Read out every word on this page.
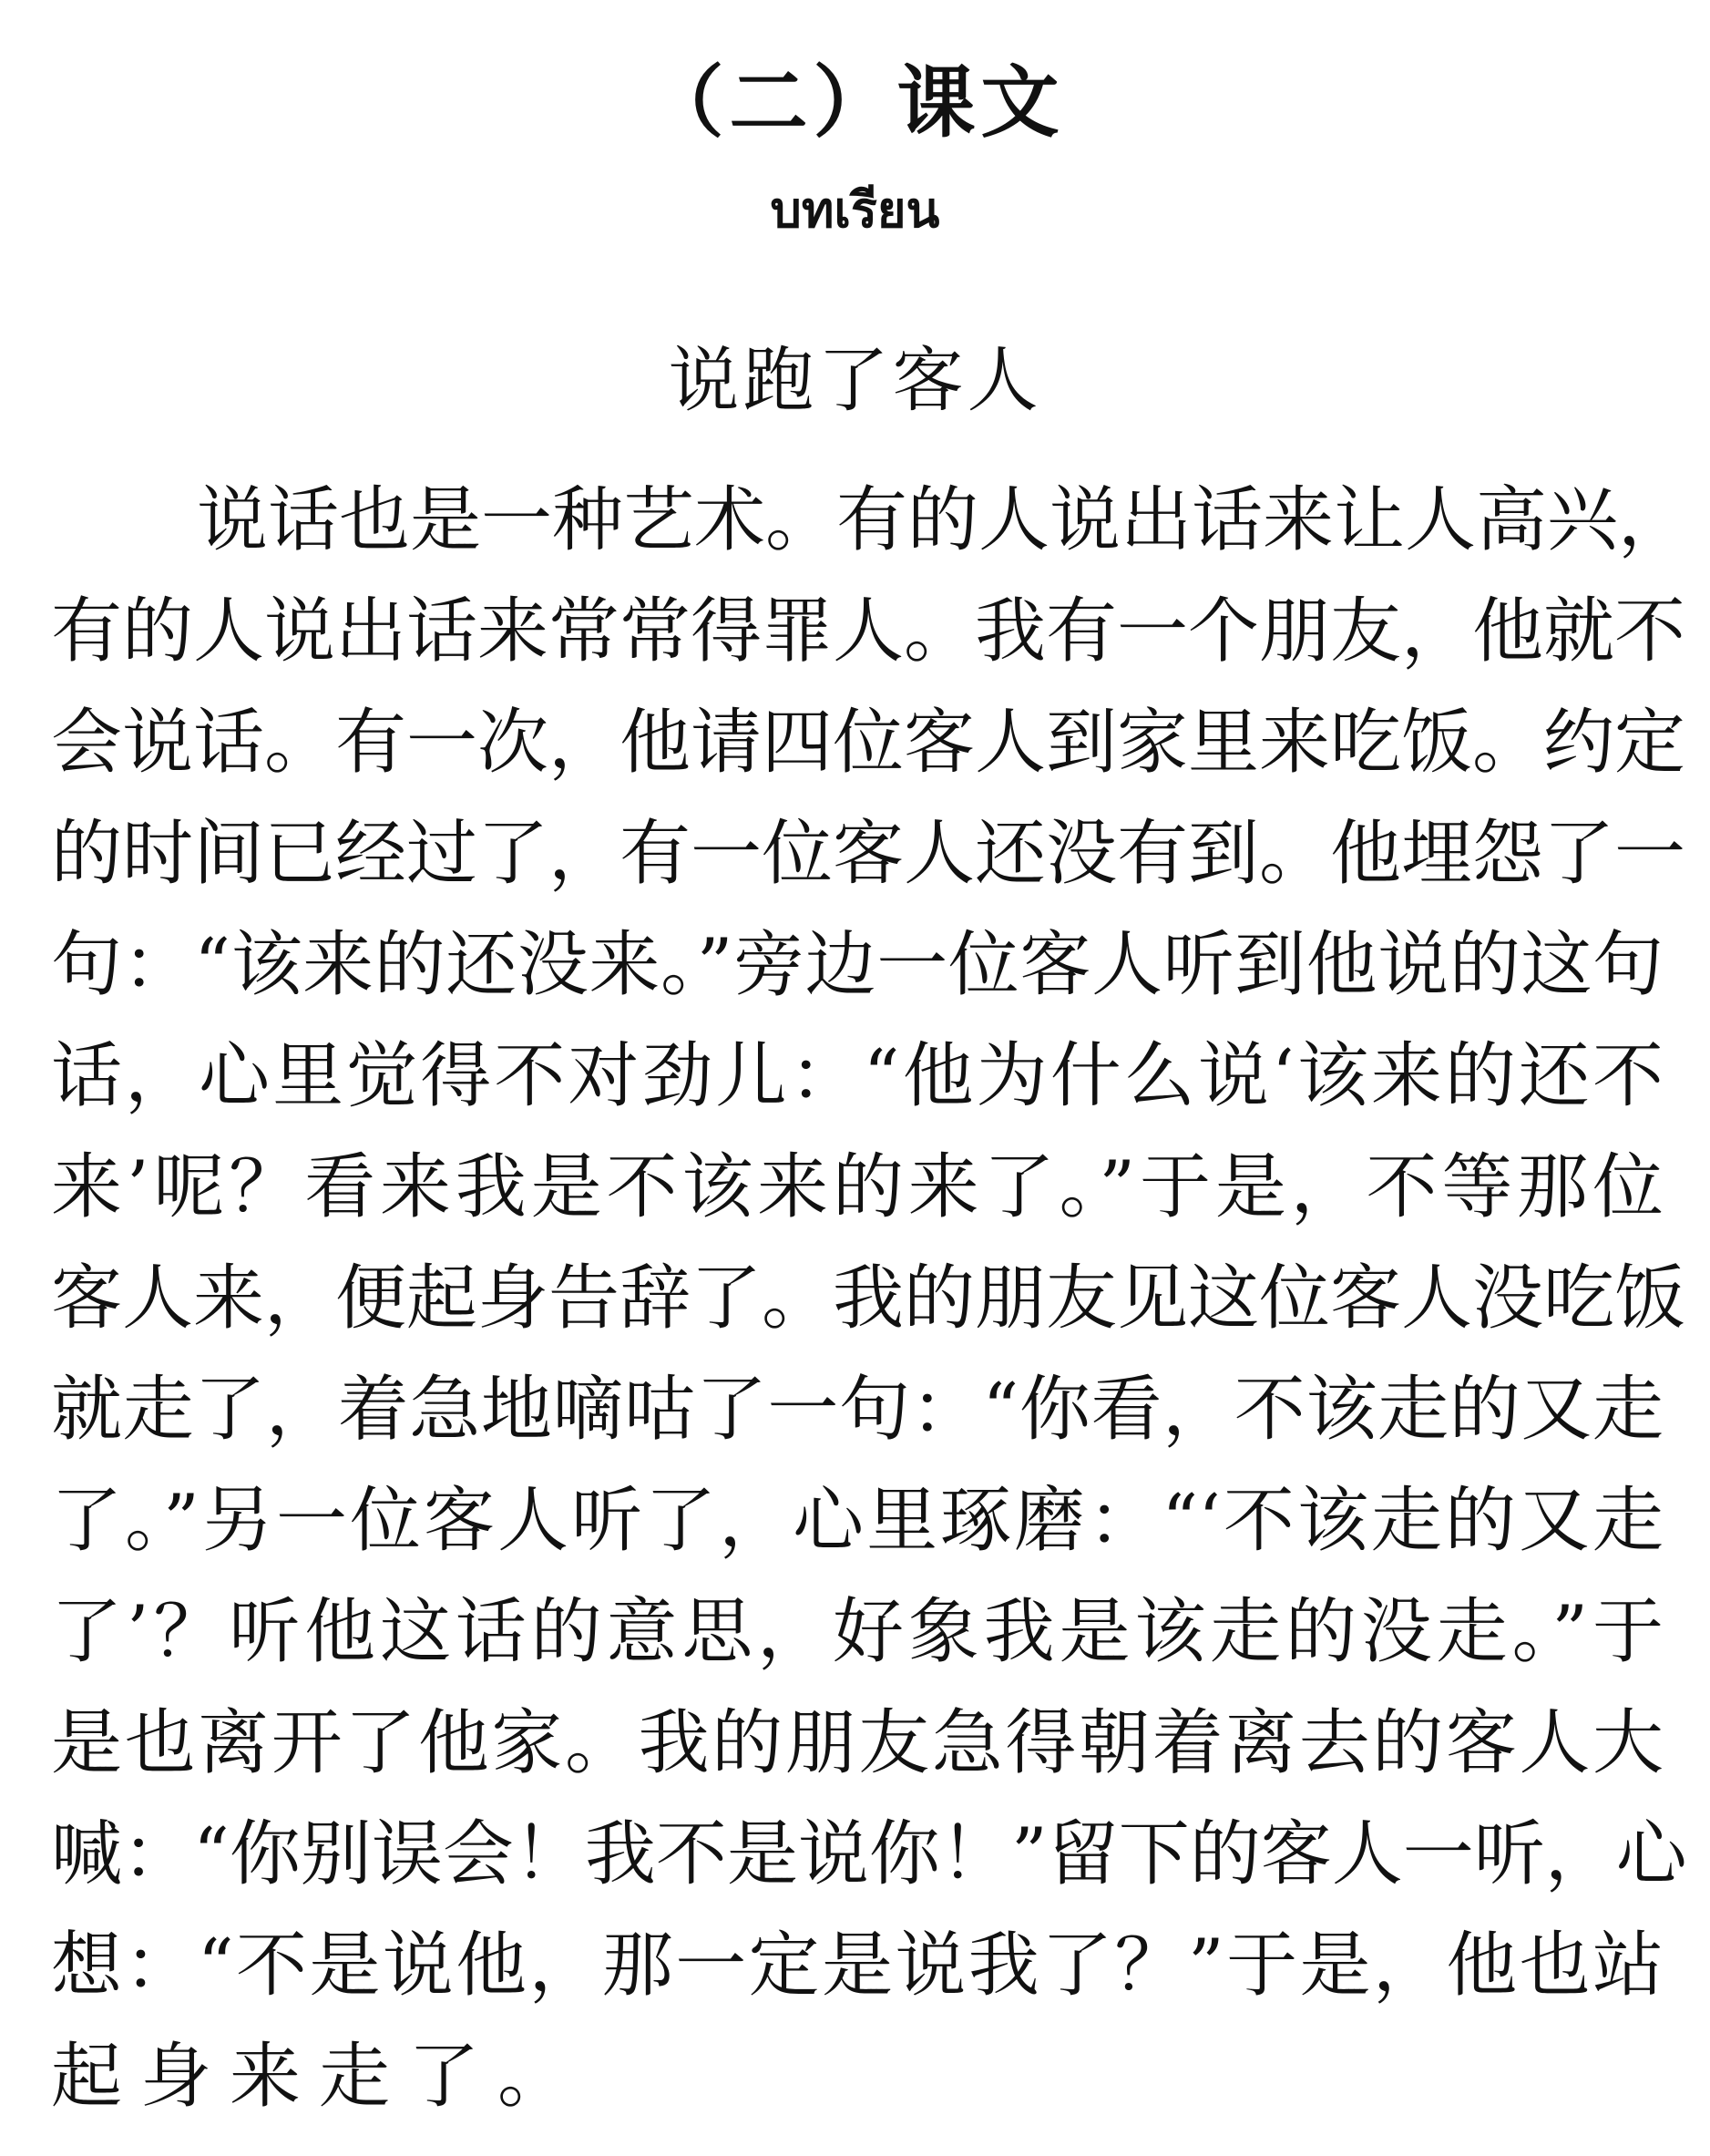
（二）课文
บทเรียน
说跑了客人
说话也是一种艺术。有的人说出话来让人高兴，
有的人说出话来常常得罪人。我有一个朋友，他就不
会说话。有一次，他请四位客人到家里来吃饭。约定
的时间已经过了，有一位客人还没有到。他埋怨了一
句：“该来的还没来。”旁边一位客人听到他说的这句
话，心里觉得不对劲儿：“他为什么说‘该来的还不
来’呢？看来我是不该来的来了。”于是，不等那位
客人来，便起身告辞了。我的朋友见这位客人没吃饭
就走了，着急地嘀咕了一句：“你看，不该走的又走
了。”另一位客人听了，心里琢磨：“‘不该走的又走
了’？听他这话的意思，好象我是该走的没走。”于
是也离开了他家。我的朋友急得朝着离去的客人大
喊：“你别误会！我不是说你！”留下的客人一听，心
想：“不是说他，那一定是说我了？”于是，他也站
起身来走了。
